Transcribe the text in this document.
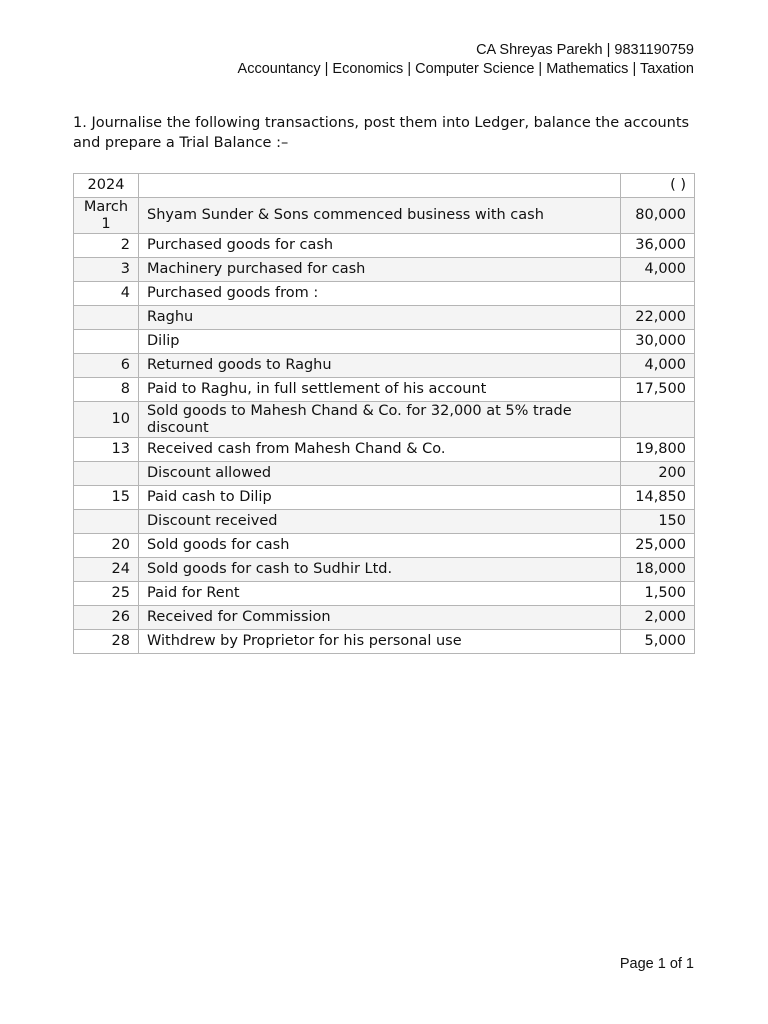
CA Shreyas Parekh | 9831190759
Accountancy | Economics | Computer Science | Mathematics | Taxation
1. Journalise the following transactions, post them into Ledger, balance the accounts and prepare a Trial Balance :–
2024		( )
March 1	Shyam Sunder & Sons commenced business with cash	80,000
2	Purchased goods for cash	36,000
3	Machinery purchased for cash	4,000
4	Purchased goods from :	
	Raghu	22,000
	Dilip	30,000
6	Returned goods to Raghu	4,000
8	Paid to Raghu, in full settlement of his account	17,500
10	Sold goods to Mahesh Chand & Co. for 32,000 at 5% trade discount	
13	Received cash from Mahesh Chand & Co.	19,800
	Discount allowed	200
15	Paid cash to Dilip	14,850
	Discount received	150
20	Sold goods for cash	25,000
24	Sold goods for cash to Sudhir Ltd.	18,000
25	Paid for Rent	1,500
26	Received for Commission	2,000
28	Withdrew by Proprietor for his personal use	5,000
Page 1 of 1
